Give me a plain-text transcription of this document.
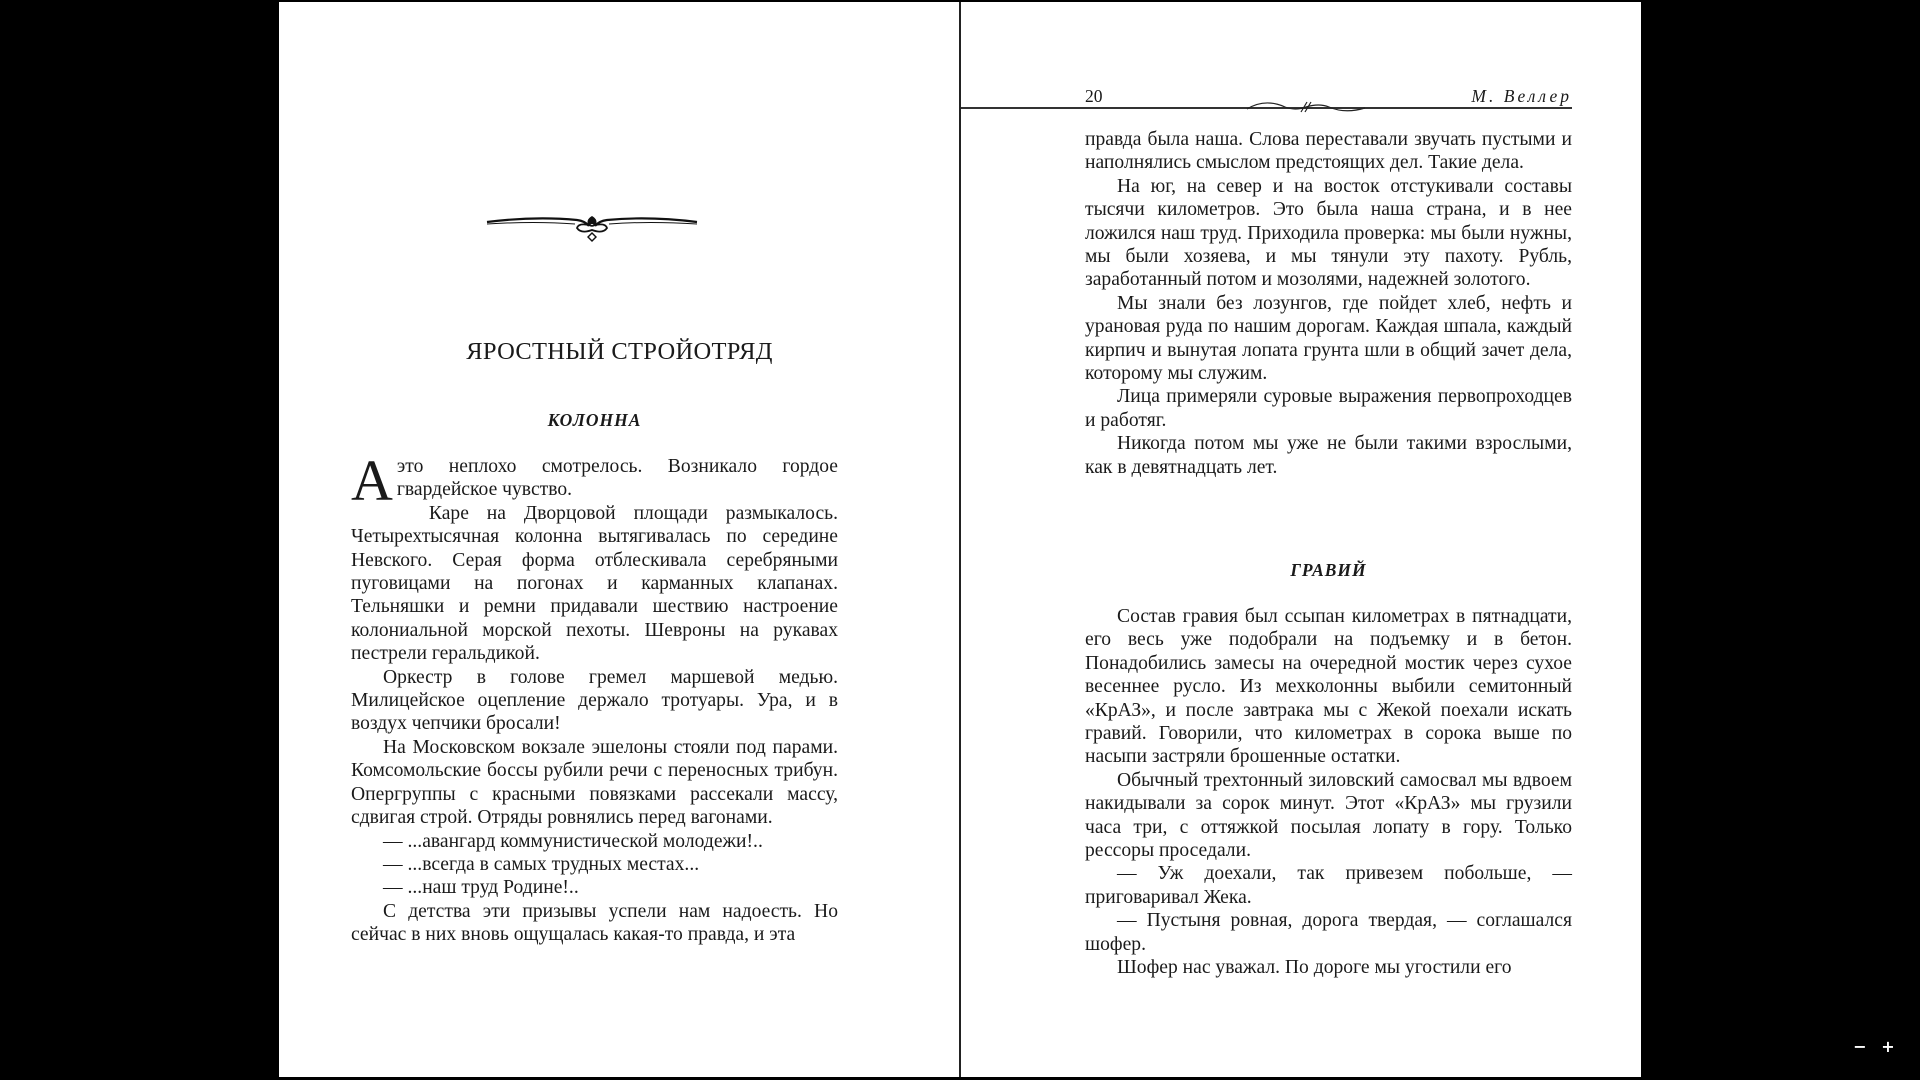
ЯРОСТНЫЙ СТРОЙОТРЯД
КОЛОННА

А это неплохо смотрелось. Возникало гордое гвардейское чувство.

Каре на Дворцовой площади размыкалось. Четырехтысячная колонна вытягивалась по середине Невского. Серая форма отблескивала серебряными пуговицами на погонах и карманных клапанах. Тельняшки и ремни придавали шествию настроение колониальной морской пехоты. Шевроны на рукавах пестрели геральдикой.

Оркестр в голове гремел маршевой медью. Милицейское оцепление держало тротуары. Ура, и в воздух чепчики бросали!

На Московском вокзале эшелоны стояли под парами. Комсомольские боссы рубили речи с переносных трибун. Опергруппы с красными повязками рассекали массу, сдвигая строй. Отряды ровнялись перед вагонами.

— ...авангард коммунистической молодежи!..

— ...всегда в самых трудных местах...

— ...наш труд Родине!..

С детства эти призывы успели нам надоесть. Но сейчас в них вновь ощущалась какая-то правда, и эта

20	М. Веллер

правда была наша. Слова переставали звучать пустыми и наполнялись смыслом предстоящих дел. Такие дела.

На юг, на север и на восток отстукивали составы тысячи километров. Это была наша страна, и в нее ложился наш труд. Приходила проверка: мы были нужны, мы были хозяева, и мы тянули эту пахоту. Рубль, заработанный потом и мозолями, надежней золотого.

Мы знали без лозунгов, где пойдет хлеб, нефть и урановая руда по нашим дорогам. Каждая шпала, каждый кирпич и вынутая лопата грунта шли в общий зачет дела, которому мы служим.

Лица примеряли суровые выражения первопроходцев и работяг.

Никогда потом мы уже не были такими взрослыми, как в девятнадцать лет.

ГРАВИЙ

Состав гравия был ссыпан километрах в пятнадцати, его весь уже подобрали на подъемку и в бетон. Понадобились замесы на очередной мостик через сухое весеннее русло. Из мехколонны выбили семитонный «КрАЗ», и после завтрака мы с Жекой поехали искать гравий. Говорили, что километрах в сорока выше по насыпи застряли брошенные остатки.

Обычный трехтонный зиловский самосвал мы вдвоем накидывали за сорок минут. Этот «КрАЗ» мы грузили часа три, с оттяжкой посылая лопату в гору. Только рессоры проседали.

— Уж доехали, так привезем побольше, — приговаривал Жека.

— Пустыня ровная, дорога твердая, — соглашался шофер.

Шофер нас уважал. По дороге мы угостили его

− +
